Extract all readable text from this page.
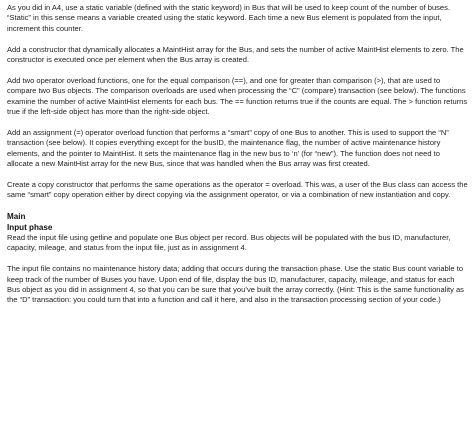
As you did in A4, use a static variable (defined with the static keyword) in Bus that will be used to keep count of the number of buses. “Static” in this sense means a variable created using the static keyword. Each time a new Bus element is populated from the input, increment this counter.

Add a constructor that dynamically allocates a MaintHist array for the Bus, and sets the number of active MaintHist elements to zero. The constructor is executed once per element when the Bus array is created.

Add two operator overload functions, one for the equal comparison (==), and one for greater than comparison (>), that are used to compare two Bus objects. The comparison overloads are used when processing the “C” (compare) transaction (see below). The functions examine the number of active MaintHist elements for each bus. The == function returns true if the counts are equal. The > function returns true if the left-side object has more than the right-side object.

Add an assignment (=) operator overload function that performs a “smart” copy of one Bus to another. This is used to support the “N” transaction (see below). It copies everything except for the busID, the maintenance flag, the number of active maintenance history elements, and the pointer to MaintHist. It sets the maintenance flag in the new bus to ‘n’ (for “new”). The function does not need to allocate a new MaintHist array for the new Bus, since that was handled when the Bus array was first created.

Create a copy constructor that performs the same operations as the operator = overload. This was, a user of the Bus class can access the same “smart” copy operation either by direct copying via the assignment operator, or via a combination of new instantiation and copy.

Main
Input phase

Read the input file using getline and populate one Bus object per record. Bus objects will be populated with the bus ID, manufacturer, capacity, mileage, and status from the input file, just as in assignment 4.

The input file contains no maintenance history data; adding that occurs during the transaction phase. Use the static Bus count variable to keep track of the number of Buses you have. Upon end of file, display the bus ID, manufacturer, capacity, mileage, and status for each Bus object as you did in assignment 4, so that you can be sure that you’ve built the array correctly. (Hint: This is the same functionality as the “D” transaction: you could turn that into a function and call it here, and also in the transaction processing section of your code.)
